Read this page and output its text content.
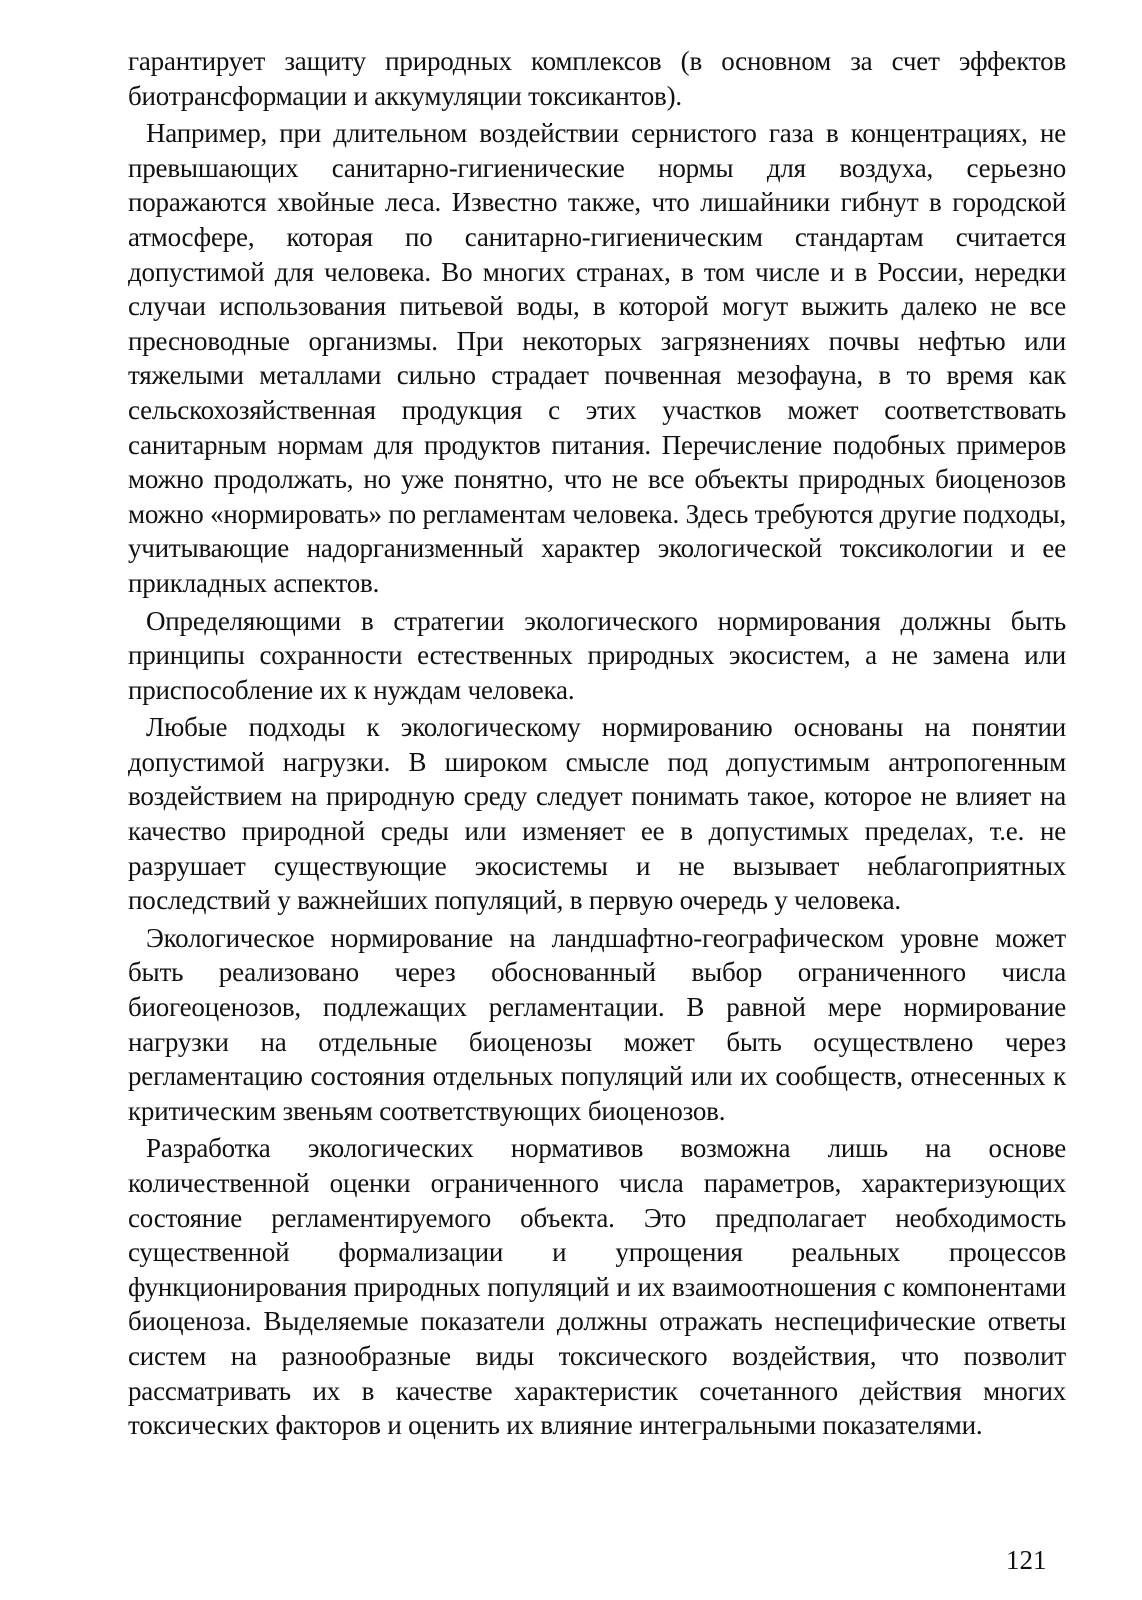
гарантирует защиту природных комплексов (в основном за счет эффектов биотрансформации и аккумуляции токсикантов).

Например, при длительном воздействии сернистого газа в концентрациях, не превышающих санитарно-гигиенические нормы для воздуха, серьезно поражаются хвойные леса. Известно также, что лишайники гибнут в городской атмосфере, которая по санитарно-гигиеническим стандартам считается допустимой для человека. Во многих странах, в том числе и в России, нередки случаи использования питьевой воды, в которой могут выжить далеко не все пресноводные организмы. При некоторых загрязнениях почвы нефтью или тяжелыми металлами сильно страдает почвенная мезофауна, в то время как сельскохозяйственная продукция с этих участков может соответствовать санитарным нормам для продуктов питания. Перечисление подобных примеров можно продолжать, но уже понятно, что не все объекты природных биоценозов можно «нормировать» по регламентам человека. Здесь требуются другие подходы, учитывающие надорганизменный характер экологической токсикологии и ее прикладных аспектов.

Определяющими в стратегии экологического нормирования должны быть принципы сохранности естественных природных экосистем, а не замена или приспособление их к нуждам человека.

Любые подходы к экологическому нормированию основаны на понятии допустимой нагрузки. В широком смысле под допустимым антропогенным воздействием на природную среду следует понимать такое, которое не влияет на качество природной среды или изменяет ее в допустимых пределах, т.е. не разрушает существующие экосистемы и не вызывает неблагоприятных последствий у важнейших популяций, в первую очередь у человека.

Экологическое нормирование на ландшафтно-географическом уровне может быть реализовано через обоснованный выбор ограниченного числа биогеоценозов, подлежащих регламентации. В равной мере нормирование нагрузки на отдельные биоценозы может быть осуществлено через регламентацию состояния отдельных популяций или их сообществ, отнесенных к критическим звеньям соответствующих биоценозов.

Разработка экологических нормативов возможна лишь на основе количественной оценки ограниченного числа параметров, характеризующих состояние регламентируемого объекта. Это предполагает необходимость существенной формализации и упрощения реальных процессов функционирования природных популяций и их взаимоотношения с компонентами биоценоза. Выделяемые показатели должны отражать неспецифические ответы систем на разнообразные виды токсического воздействия, что позволит рассматривать их в качестве характеристик сочетанного действия многих токсических факторов и оценить их влияние интегральными показателями.

121
